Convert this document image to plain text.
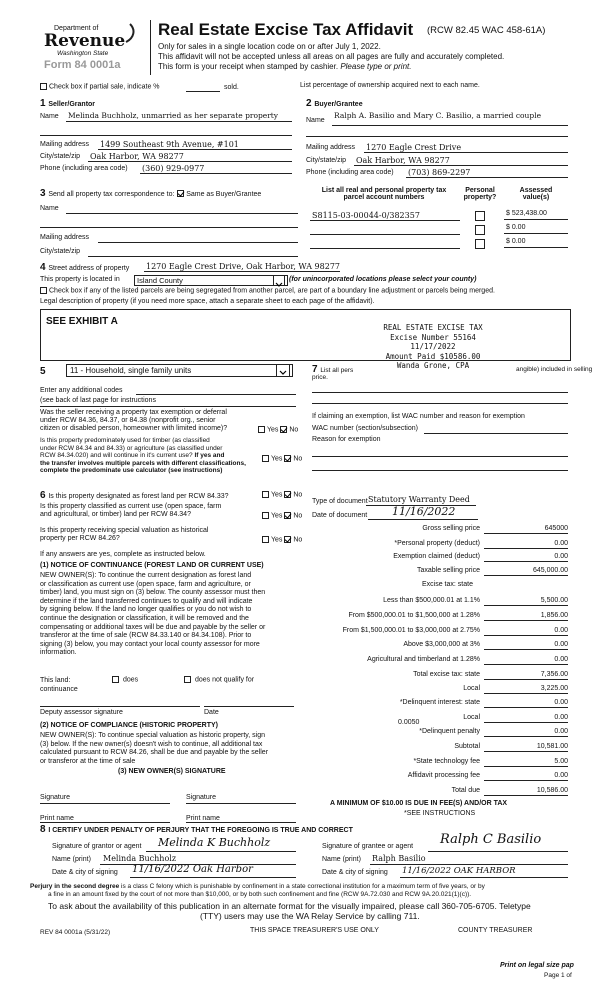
Department of
Revenue
Washington State
Form 84 0001a
Real Estate Excise Tax Affidavit (RCW 82.45 WAC 458-61A)
Only for sales in a single location code on or after July 1, 2022.
This affidavit will not be accepted unless all areas on all pages are fully and accurately completed.
This form is your receipt when stamped by cashier. Please type or print.
Check box if partial sale, indicate %	sold.	List percentage of ownership acquired next to each name.
1 Seller/Grantor
Name Melinda Buchholz, unmarried as her separate property
Mailing address 1499 Southeast 9th Avenue, #101
City/state/zip Oak Harbor, WA 98277
Phone (including area code) (360) 929-0977
2 Buyer/Grantee
Name
Ralph A. Basilio and Mary C. Basilio, a married couple
Mailing address 1270 Eagle Crest Drive
City/state/zip Oak Harbor, WA 98277
Phone (including area code) (703) 869-2297
3 Send all property tax correspondence to: Same as Buyer/Grantee
Name
Mailing address
City/state/zip
List all real and personal property tax
parcel account numbers
Personal
property?
Assessed
value(s)
S8115-03-00044-0/382357	$ 523,438.00
$ 0.00
$ 0.00
4 Street address of property 1270 Eagle Crest Drive, Oak Harbor, WA 98277
This property is located in	Island County	(for unincorporated locations please select your county)
Check box if any of the listed parcels are being segregated from another parcel, are part of a boundary line adjustment or parcels being merged.
Legal description of property (if you need more space, attach a separate sheet to each page of the affidavit).
SEE EXHIBIT A
REAL ESTATE EXCISE TAX
Excise Number 55164
11/17/2022
Amount Paid $10586.00
Wanda Grone, CPA
5	11 - Household, single family units
Enter any additional codes
(see back of last page for instructions
Was the seller receiving a property tax exemption or deferral
under RCW 84.36, 84.37, or 84.38 (nonprofit org., senior
citizen or disabled person, homeowner with limited income)?	Yes No
Is this property predominately used for timber (as classified
under RCW 84.34 and 84.33) or agriculture (as classified under
RCW 84.34.020) and will continue in it's current use? If yes and
the transfer involves multiple parcels with different classifications,
complete the predominate use calculator (see instructions)
Yes No
7 List all pers	angible) included in selling
price.
If claiming an exemption, list WAC number and reason for exemption
WAC number (section/subsection)
Reason for exemption
6 Is this property designated as forest land per RCW 84.33?	Yes No
Is this property classified as current use (open space, farm
and agricultural, or timber) land per RCW 84.34?	Yes No
Is this property receiving special valuation as historical
property per RCW 84.26?	Yes No
If any answers are yes, complete as instructed below.
(1) NOTICE OF CONTINUANCE (FOREST LAND OR CURRENT USE)
NEW OWNER(S): To continue the current designation as forest land
or classification as current use (open space, farm and agriculture, or
timber) land, you must sign on (3) below. The county assessor must then
determine if the land transferred continues to qualify and will indicate
by signing below. If the land no longer qualifies or you do not wish to
continue the designation or classification, it will be removed and the
compensating or additional taxes will be due and payable by the seller or
transferor at the time of sale (RCW 84.33.140 or 84.34.108). Prior to
signing (3) below, you may contact your local county assessor for more
information.
This land:
continuance
does	does not qualify for
Deputy assessor signature	Date
(2) NOTICE OF COMPLIANCE (HISTORIC PROPERTY)
NEW OWNER(S): To continue special valuation as historic property, sign
(3) below. If the new owner(s) doesn't wish to continue, all additional tax
calculated pursuant to RCW 84.26, shall be due and payable by the seller
or transferor at the time of sale
(3) NEW OWNER(S) SIGNATURE
Signature	Signature
Print name	Print name
Type of document Statutory Warranty Deed
Date of document 11/16/2022
Gross selling price	645000
*Personal property (deduct)	0.00
Exemption claimed (deduct)	0.00
Taxable selling price	645,000.00
Excise tax: state
Less than $500,000.01 at 1.1%	5,500.00
From $500,000.01 to $1,500,000 at 1.28%	1,856.00
From $1,500,000.01 to $3,000,000 at 2.75%	0.00
Above $3,000,000 at 3%	0.00
Agricultural and timberland at 1.28%	0.00
Total excise tax: state	7,356.00
Local	3,225.00
*Delinquent interest: state	0.00
Local	0.00
*Delinquent penalty	0.00
Subtotal	10,581.00
*State technology fee	5.00
Affidavit processing fee	0.00
Total due	10,586.00
0.0050
A MINIMUM OF $10.00 IS DUE IN FEE(S) AND/OR TAX
*SEE INSTRUCTIONS
8 I CERTIFY UNDER PENALTY OF PERJURY THAT THE FOREGOING IS TRUE AND CORRECT
Signature of grantor or agent Melinda K Buchholz
Name (print) Melinda Buchholz
Date & city of signing 11/16/2022 Oak Harbor
Signature of grantee or agent Ralph C Basilio
Name (print) Ralph Basilio
Date & city of signing 11/16/2022 OAK HARBOR
Perjury in the second degree is a class C felony which is punishable by confinement in a state correctional institution for a maximum term of five years, or by
a fine in an amount fixed by the court of not more than $10,000, or by both such confinement and fine (RCW 9A.72.030 and RCW 9A.20.021(1)(c)).
To ask about the availability of this publication in an alternate format for the visually impaired, please call 360-705-6705. Teletype
(TTY) users may use the WA Relay Service by calling 711.
REV 84 0001a (5/31/22)	THIS SPACE TREASURER'S USE ONLY	COUNTY TREASURER
Print on legal size pap
Page 1 of
